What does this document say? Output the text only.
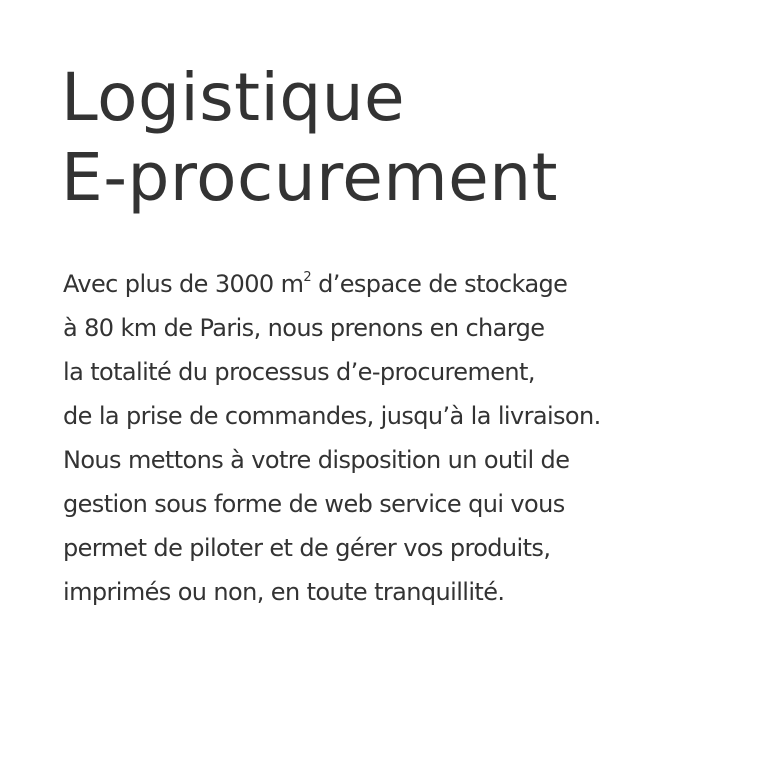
Logistique
E-procurement

Avec plus de 3000 $m^2$ d’espace de stockage
à 80 km de Paris, nous prenons en charge
la totalité du processus d’e-procurement,
de la prise de commandes, jusqu’à la livraison.
Nous mettons à votre disposition un outil de
gestion sous forme de web service qui vous
permet de piloter et de gérer vos produits,
imprimés ou non, en toute tranquillité.
